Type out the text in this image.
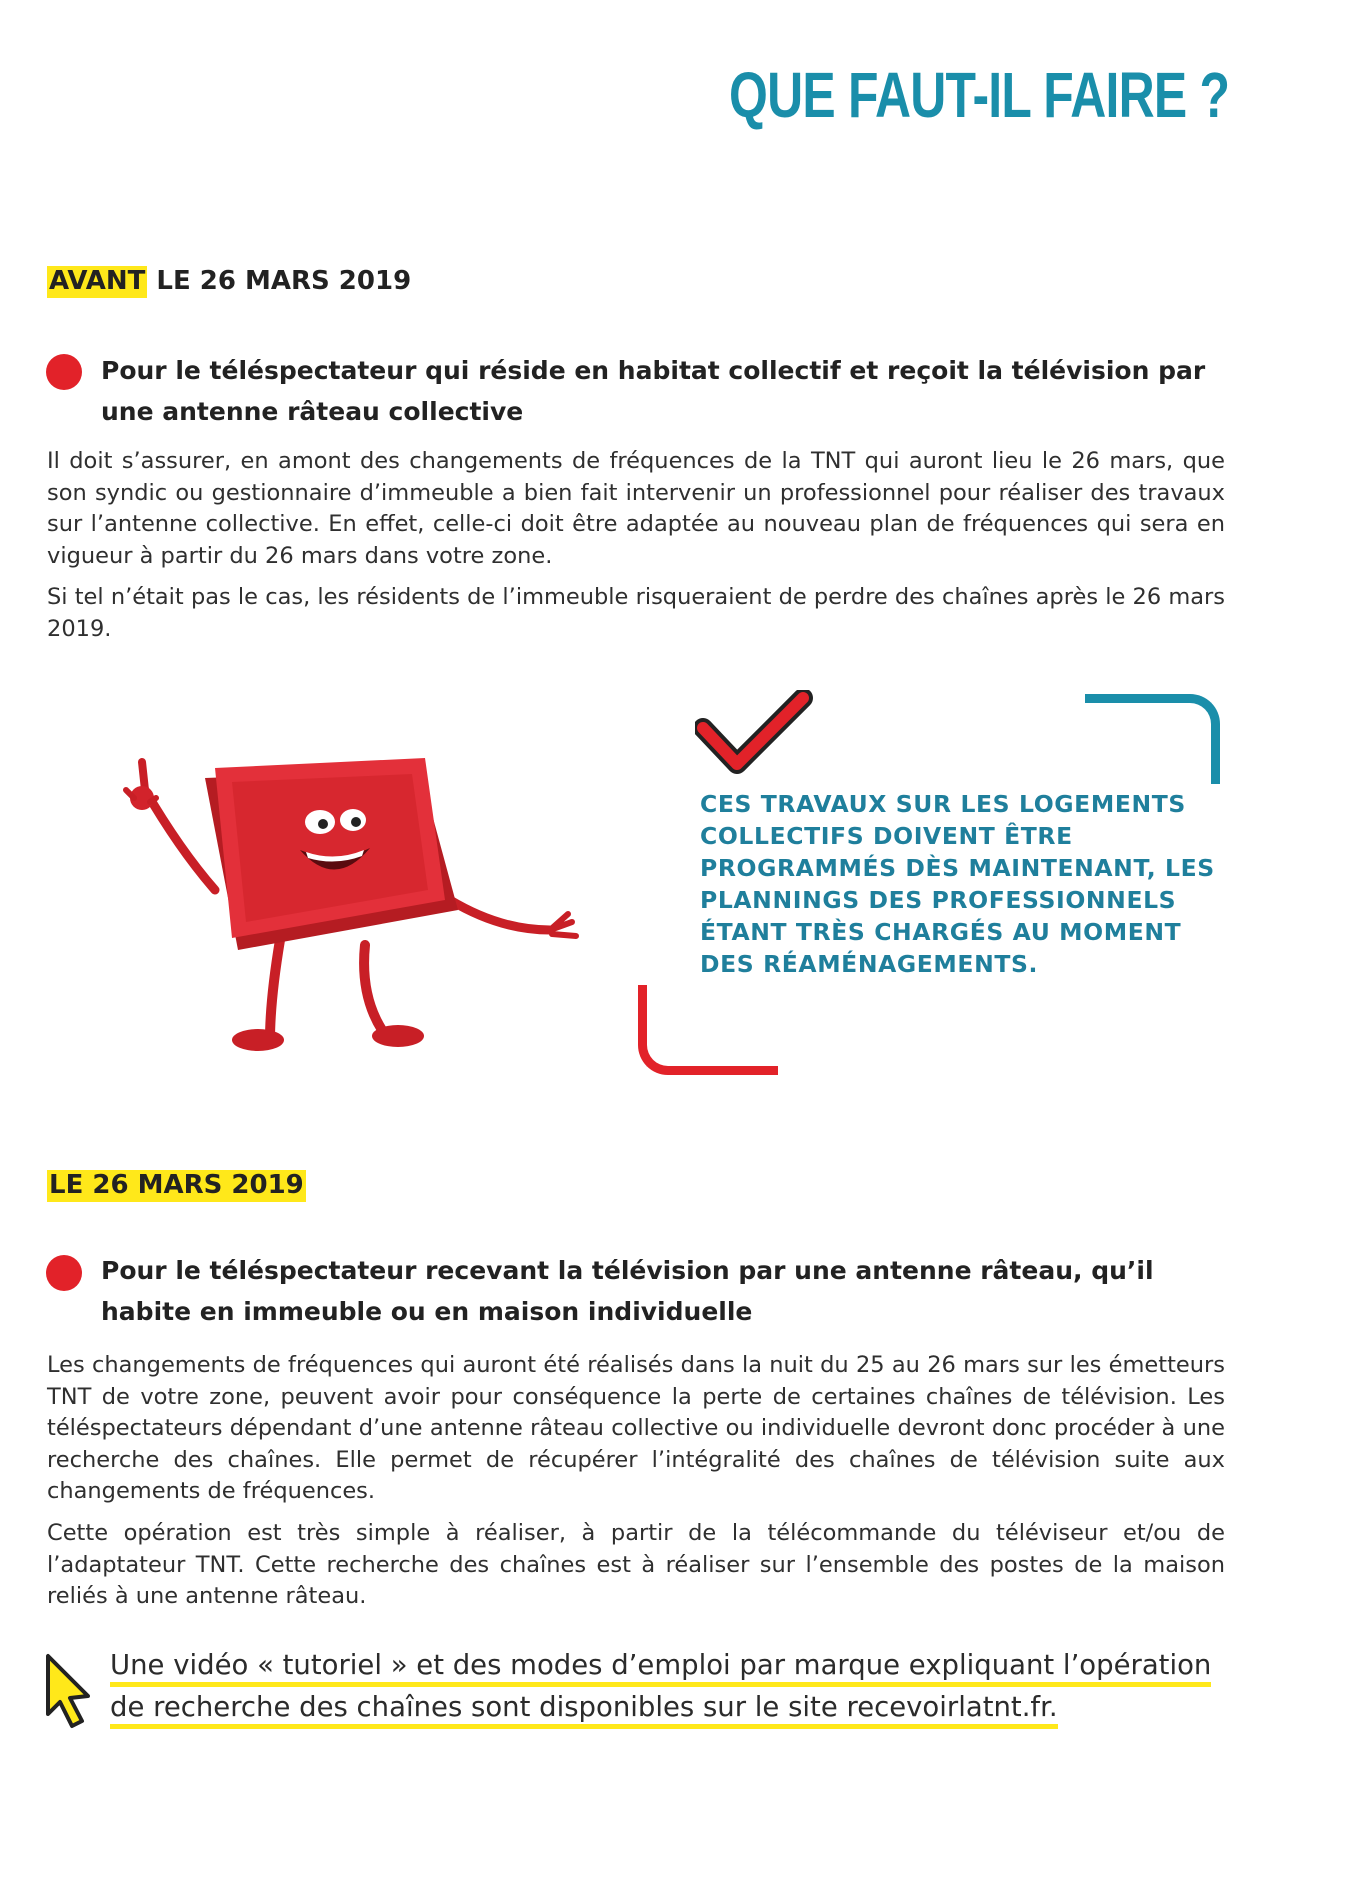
QUE FAUT-IL FAIRE ?
AVANT LE 26 MARS 2019
Pour le téléspectateur qui réside en habitat collectif et reçoit la télévision par une antenne râteau collective
Il doit s’assurer, en amont des changements de fréquences de la TNT qui auront lieu le 26 mars, que son syndic ou gestionnaire d’immeuble a bien fait intervenir un professionnel pour réaliser des travaux sur l’antenne collective. En effet, celle-ci doit être adaptée au nouveau plan de fréquences qui sera en vigueur à partir du 26 mars dans votre zone.
Si tel n’était pas le cas, les résidents de l’immeuble risqueraient de perdre des chaînes après le 26 mars 2019.
CES TRAVAUX SUR LES LOGEMENTS COLLECTIFS DOIVENT ÊTRE PROGRAMMÉS DÈS MAINTENANT, LES PLANNINGS DES PROFESSIONNELS ÉTANT TRÈS CHARGÉS AU MOMENT DES RÉAMÉNAGEMENTS.
LE 26 MARS 2019
Pour le téléspectateur recevant la télévision par une antenne râteau, qu’il habite en immeuble ou en maison individuelle
Les changements de fréquences qui auront été réalisés dans la nuit du 25 au 26 mars sur les émetteurs TNT de votre zone, peuvent avoir pour conséquence la perte de certaines chaînes de télévision. Les téléspectateurs dépendant d’une antenne râteau collective ou individuelle devront donc procéder à une recherche des chaînes. Elle permet de récupérer l’intégralité des chaînes de télévision suite aux changements de fréquences.
Cette opération est très simple à réaliser, à partir de la télécommande du téléviseur et/ou de l’adaptateur TNT. Cette recherche des chaînes est à réaliser sur l’ensemble des postes de la maison reliés à une antenne râteau.
Une vidéo « tutoriel » et des modes d’emploi par marque expliquant l’opération de recherche des chaînes sont disponibles sur le site recevoirlatnt.fr.
